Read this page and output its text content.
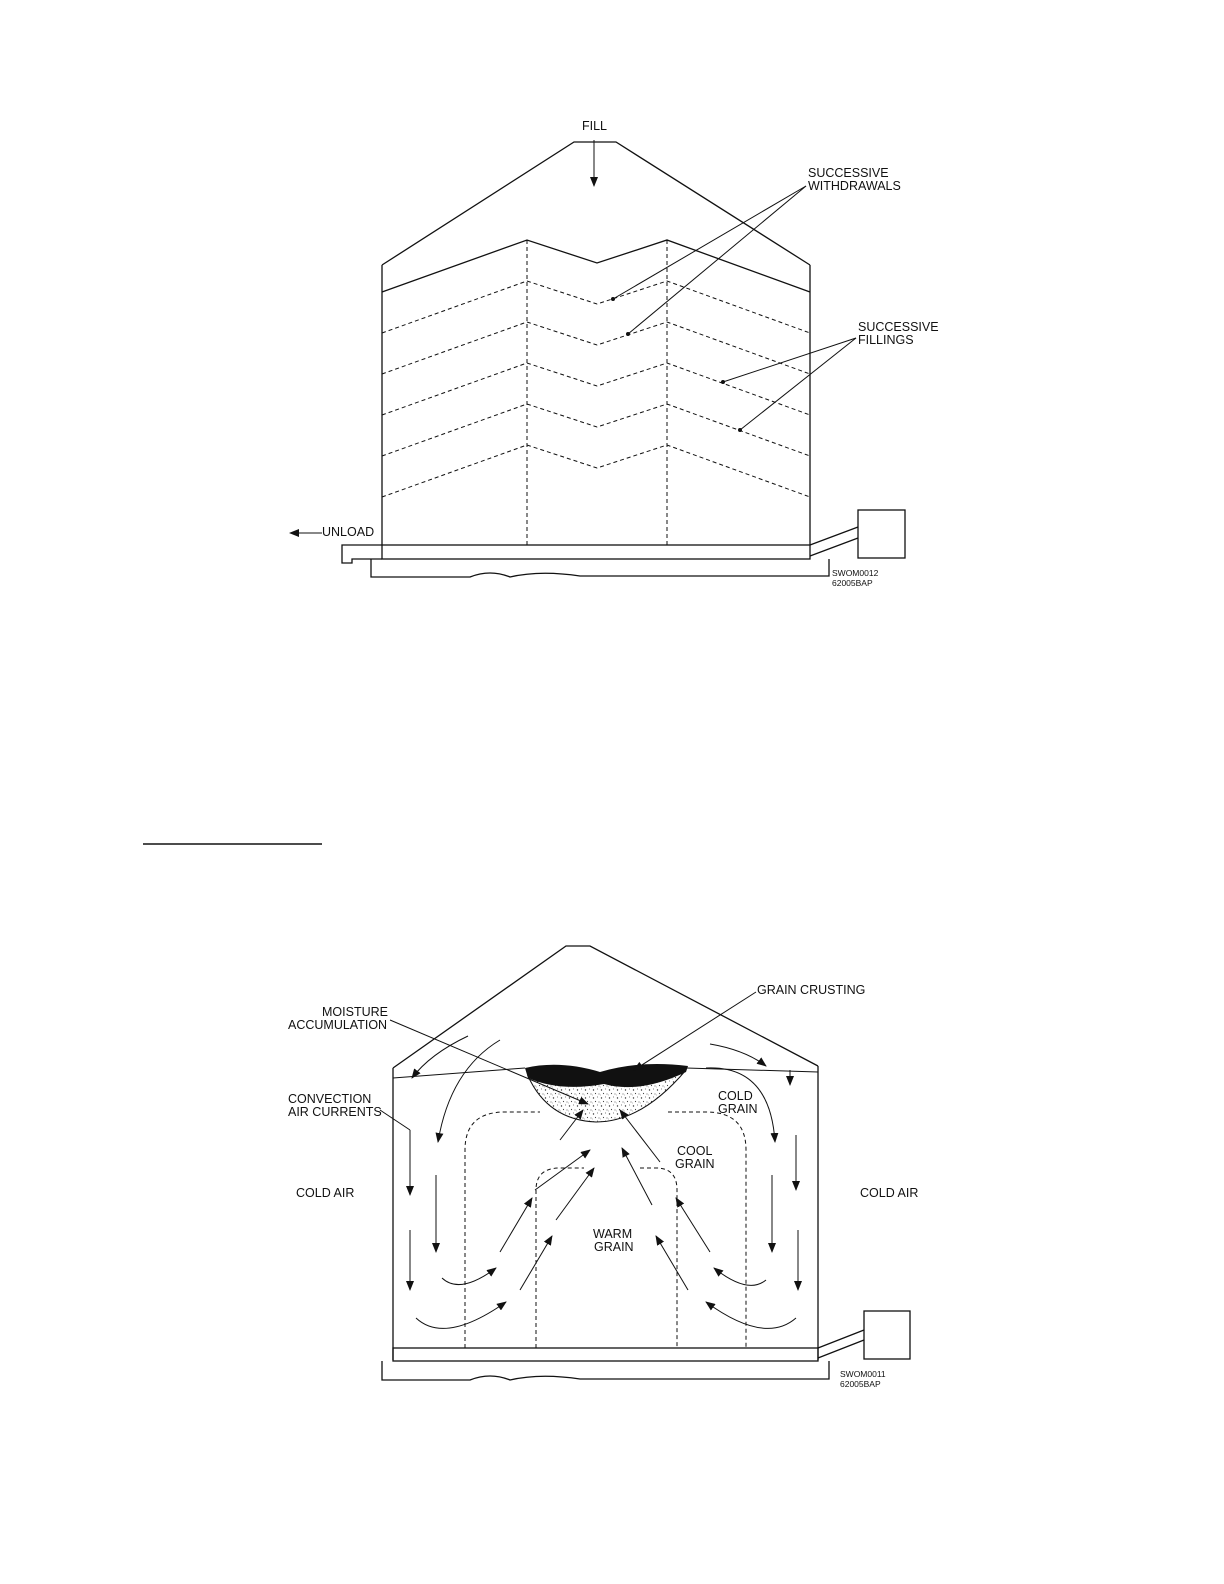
FILL
UNLOAD
SUCCESSIVE
WITHDRAWALS
SUCCESSIVE
FILLINGS
SWOM0012
62005BAP
MOISTURE
ACCUMULATION
GRAIN CRUSTING
CONVECTION
AIR CURRENTS
COLD
GRAIN
COOL
GRAIN
WARM
GRAIN
COLD AIR	COLD AIR
SWOM0011
62005BAP
